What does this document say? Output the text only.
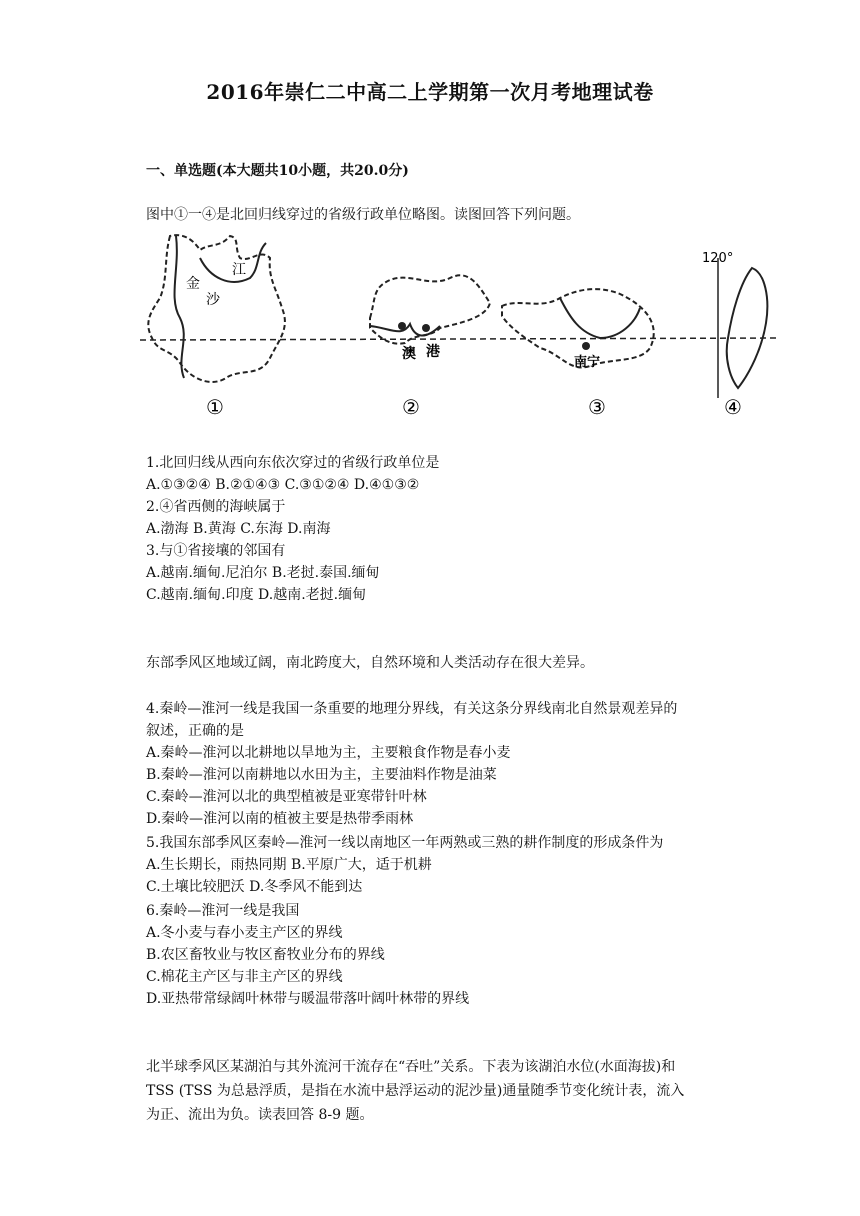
2016年崇仁二中高二上学期第一次月考地理试卷
一、单选题(本大题共10小题，共20.0分)
图中①一④是北回归线穿过的省级行政单位略图。读图回答下列问题。
金
沙
江
澳 港
南宁
120°
①	②	③	④
1.北回归线从西向东依次穿过的省级行政单位是
A.①③②④ B.②①④③ C.③①②④ D.④①③②
2.④省西侧的海峡属于
A.渤海 B.黄海 C.东海 D.南海
3.与①省接壤的邻国有
A.越南.缅甸.尼泊尔 B.老挝.泰国.缅甸
C.越南.缅甸.印度 D.越南.老挝.缅甸
东部季风区地域辽阔，南北跨度大，自然环境和人类活动存在很大差异。
4.秦岭—淮河一线是我国一条重要的地理分界线，有关这条分界线南北自然景观差异的
叙述，正确的是
A.秦岭—淮河以北耕地以旱地为主，主要粮食作物是春小麦
B.秦岭—淮河以南耕地以水田为主，主要油料作物是油菜
C.秦岭—淮河以北的典型植被是亚寒带针叶林
D.秦岭—淮河以南的植被主要是热带季雨林
5.我国东部季风区秦岭—淮河一线以南地区一年两熟或三熟的耕作制度的形成条件为
A.生长期长，雨热同期 B.平原广大，适于机耕
C.土壤比较肥沃 D.冬季风不能到达
6.秦岭—淮河一线是我国
A.冬小麦与春小麦主产区的界线
B.农区畜牧业与牧区畜牧业分布的界线
C.棉花主产区与非主产区的界线
D.亚热带常绿阔叶林带与暖温带落叶阔叶林带的界线
北半球季风区某湖泊与其外流河干流存在“吞吐”关系。下表为该湖泊水位(水面海拔)和
TSS (TSS 为总悬浮质，是指在水流中悬浮运动的泥沙量)通量随季节变化统计表，流入
为正、流出为负。读表回答 8-9 题。
